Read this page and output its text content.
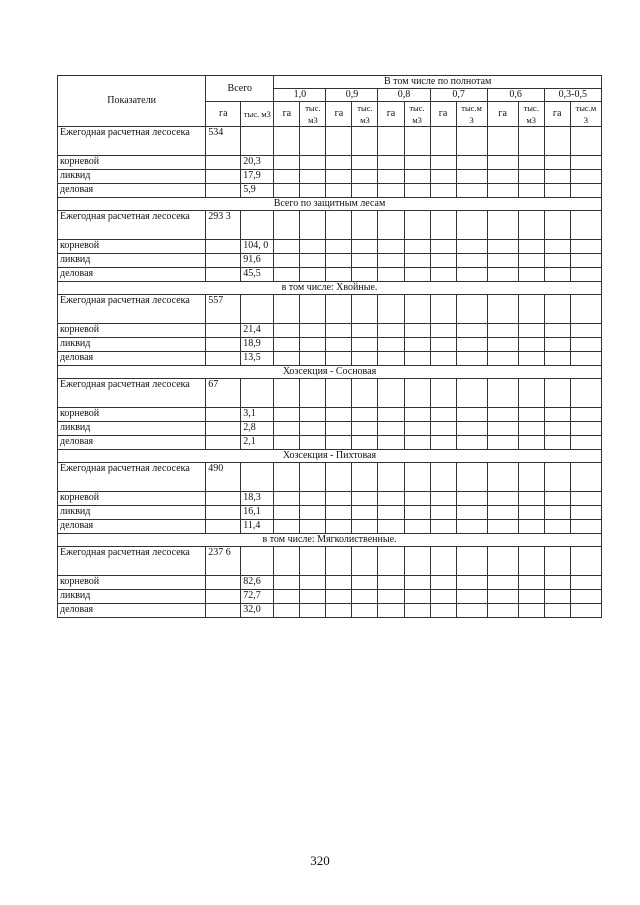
Показатели	Всего		В том числе по полнотам											
			1,0		0,9		0,8		0,7		0,6		0,3-0,5	
	га	тыс. м3	га	тыс. м3	га	тыс. м3	га	тыс. м3	га	тыс.м 3	га	тыс. м3	га	тыс.м 3
Ежегодная расчетная лесосека	534													
корневой		20,3												
ликвид		17,9												
деловая		5,9												
Всего по защитным лесам														
Ежегодная расчетная лесосека	293 3													
корневой		104, 0												
ликвид		91,6												
деловая		45,5												
в том числе: Хвойные.														
Ежегодная расчетная лесосека	557													
корневой		21,4												
ликвид		18,9												
деловая		13,5												
Хозсекция - Сосновая														
Ежегодная расчетная лесосека	67													
корневой		3,1												
ликвид		2,8												
деловая		2,1												
Хозсекция - Пихтовая														
Ежегодная расчетная лесосека	490													
корневой		18,3												
ликвид		16,1												
деловая		11,4												
в том числе: Мягколиственные.														
Ежегодная расчетная лесосека	237 6													
корневой		82,6												
ликвид		72,7												
деловая		32,0												
320
